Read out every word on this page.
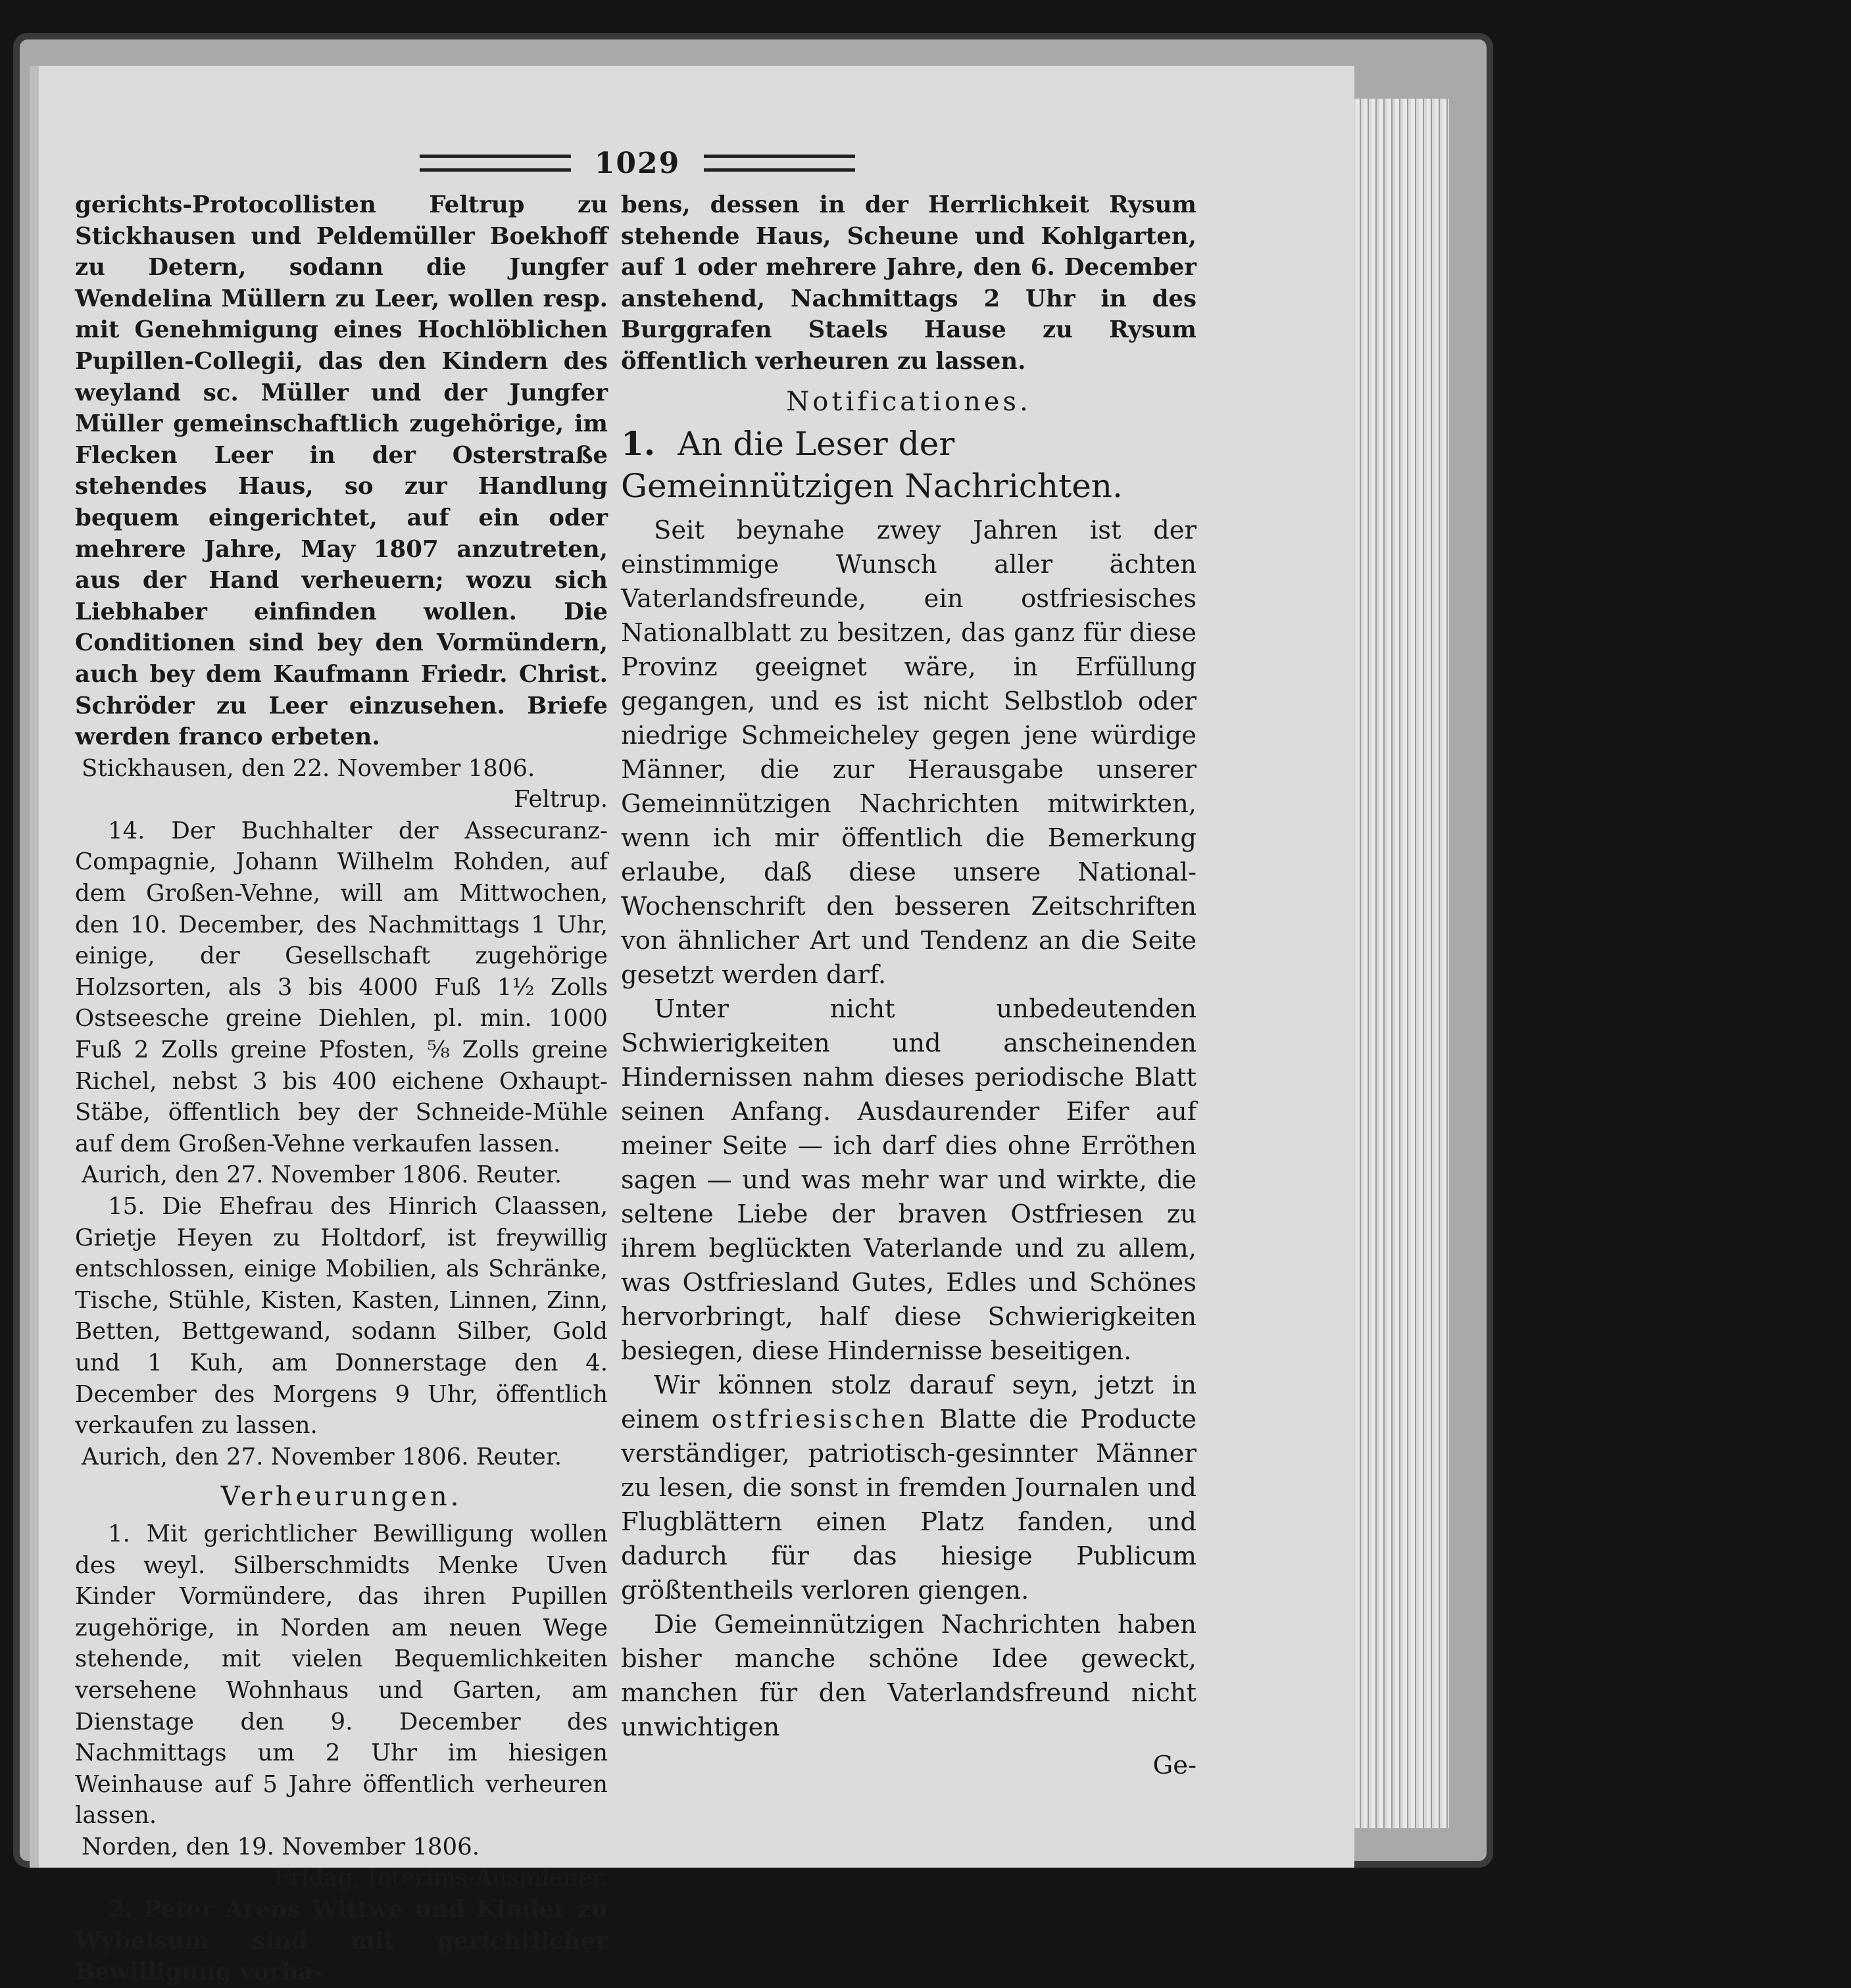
1029

gerichts-Protocollisten Feltrup zu Stickhausen und Peldemüller Boekhoff zu Detern, sodann die Jungfer Wendelina Müllern zu Leer, wollen resp. mit Genehmigung eines Hochlöblichen Pupillen-Collegii, das den Kindern des weyland sc. Müller und der Jungfer Müller gemeinschaftlich zugehörige, im Flecken Leer in der Osterstraße stehendes Haus, so zur Handlung bequem eingerichtet, auf ein oder mehrere Jahre, May 1807 anzutreten, aus der Hand verheuern; wozu sich Liebhaber einfinden wollen. Die Conditionen sind bey den Vormündern, auch bey dem Kaufmann Friedr. Christ. Schröder zu Leer einzusehen. Briefe werden franco erbeten.

Stickhausen, den 22. November 1806.

Feltrup.

14. Der Buchhalter der Assecuranz-Compagnie, Johann Wilhelm Rohden, auf dem Großen-Vehne, will am Mittwochen, den 10. December, des Nachmittags 1 Uhr, einige, der Gesellschaft zugehörige Holzsorten, als 3 bis 4000 Fuß 1½ Zolls Ostseesche greine Diehlen, pl. min. 1000 Fuß 2 Zolls greine Pfosten, ⅝ Zolls greine Richel, nebst 3 bis 400 eichene Oxhaupt-Stäbe, öffentlich bey der Schneide-Mühle auf dem Großen-Vehne verkaufen lassen.

Aurich, den 27. November 1806. Reuter.

15. Die Ehefrau des Hinrich Claassen, Grietje Heyen zu Holtdorf, ist freywillig entschlossen, einige Mobilien, als Schränke, Tische, Stühle, Kisten, Kasten, Linnen, Zinn, Betten, Bettgewand, sodann Silber, Gold und 1 Kuh, am Donnerstage den 4. December des Morgens 9 Uhr, öffentlich verkaufen zu lassen.

Aurich, den 27. November 1806. Reuter.

Verheurungen.

1. Mit gerichtlicher Bewilligung wollen des weyl. Silberschmidts Menke Uven Kinder Vormündere, das ihren Pupillen zugehörige, in Norden am neuen Wege stehende, mit vielen Bequemlichkeiten versehene Wohnhaus und Garten, am Dienstage den 9. December des Nachmittags um 2 Uhr im hiesigen Weinhause auf 5 Jahre öffentlich verheuren lassen.

Norden, den 19. November 1806.

Fridag, Interims-Ausmiener.

2. Peter Arens Wittwe und Kinder zu Wybelsum sind mit gerichtlicher Bewilligung vorha-

bens, dessen in der Herrlichkeit Rysum stehende Haus, Scheune und Kohlgarten, auf 1 oder mehrere Jahre, den 6. December anstehend, Nachmittags 2 Uhr in des Burggrafen Staels Hause zu Rysum öffentlich verheuren zu lassen.

Notificationes.

1. An die Leser der Gemeinnützigen Nachrichten.

Seit beynahe zwey Jahren ist der einstimmige Wunsch aller ächten Vaterlandsfreunde, ein ostfriesisches Nationalblatt zu besitzen, das ganz für diese Provinz geeignet wäre, in Erfüllung gegangen, und es ist nicht Selbstlob oder niedrige Schmeicheley gegen jene würdige Männer, die zur Herausgabe unserer Gemeinnützigen Nachrichten mitwirkten, wenn ich mir öffentlich die Bemerkung erlaube, daß diese unsere National-Wochenschrift den besseren Zeitschriften von ähnlicher Art und Tendenz an die Seite gesetzt werden darf.

Unter nicht unbedeutenden Schwierigkeiten und anscheinenden Hindernissen nahm dieses periodische Blatt seinen Anfang. Ausdaurender Eifer auf meiner Seite — ich darf dies ohne Erröthen sagen — und was mehr war und wirkte, die seltene Liebe der braven Ostfriesen zu ihrem beglückten Vaterlande und zu allem, was Ostfriesland Gutes, Edles und Schönes hervorbringt, half diese Schwierigkeiten besiegen, diese Hindernisse beseitigen.

Wir können stolz darauf seyn, jetzt in einem ostfriesischen Blatte die Producte verständiger, patriotisch-gesinnter Männer zu lesen, die sonst in fremden Journalen und Flugblättern einen Platz fanden, und dadurch für das hiesige Publicum größtentheils verloren giengen.

Die Gemeinnützigen Nachrichten haben bisher manche schöne Idee geweckt, manchen für den Vaterlandsfreund nicht unwichtigen

Ge-
